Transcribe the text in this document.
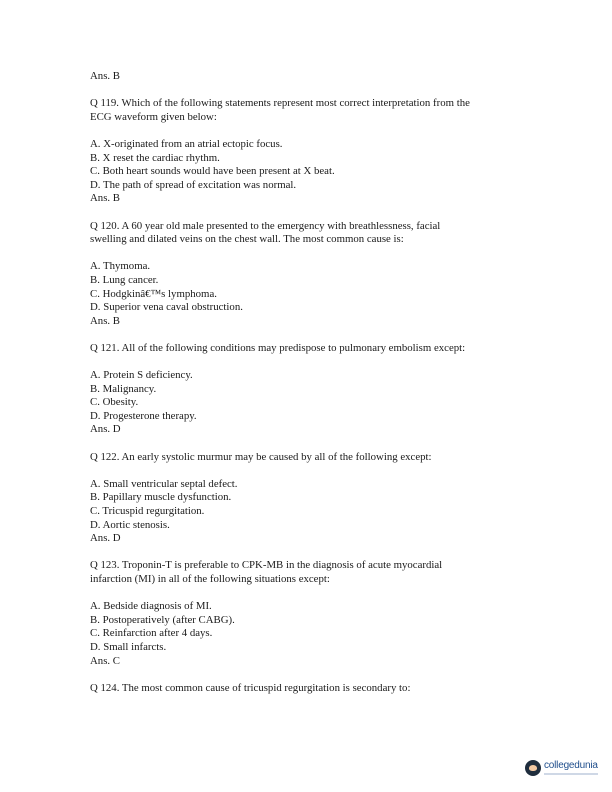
Ans. B
Q 119. Which of the following statements represent most correct interpretation from the
ECG waveform given below:
A. X-originated from an atrial ectopic focus.
B. X reset the cardiac rhythm.
C. Both heart sounds would have been present at X beat.
D. The path of spread of excitation was normal.
Ans. B
Q 120. A 60 year old male presented to the emergency with breathlessness, facial
swelling and dilated veins on the chest wall. The most common cause is:
A. Thymoma.
B. Lung cancer.
C. Hodgkinâ€™s lymphoma.
D. Superior vena caval obstruction.
Ans. B
Q 121. All of the following conditions may predispose to pulmonary embolism except:
A. Protein S deficiency.
B. Malignancy.
C. Obesity.
D. Progesterone therapy.
Ans. D
Q 122. An early systolic murmur may be caused by all of the following except:
A. Small ventricular septal defect.
B. Papillary muscle dysfunction.
C. Tricuspid regurgitation.
D. Aortic stenosis.
Ans. D
Q 123. Troponin-T is preferable to CPK-MB in the diagnosis of acute myocardial
infarction (MI) in all of the following situations except:
A. Bedside diagnosis of MI.
B. Postoperatively (after CABG).
C. Reinfarction after 4 days.
D. Small infarcts.
Ans. C
Q 124. The most common cause of tricuspid regurgitation is secondary to:
collegedunia
